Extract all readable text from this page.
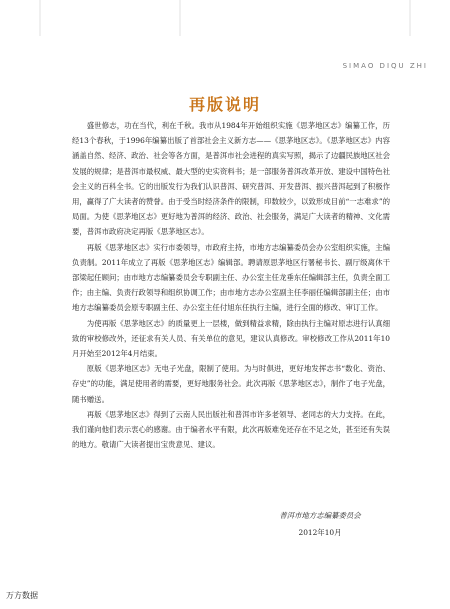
SIMAO DIQU ZHI
再版说明

盛世修志，功在当代，利在千秋。我市从1984年开始组织实施《思茅地区志》编纂工作，历经13个春秋，于1996年编纂出版了首部社会主义新方志——《思茅地区志》。《思茅地区志》内容涵盖自然、经济、政治、社会等各方面，是普洱市社会进程的真实写照，揭示了边疆民族地区社会发展的规律；是普洱市最权威、最大型的史实资料书；是一部服务普洱改革开放、建设中国特色社会主义的百科全书。它的出版发行为我们认识普洱、研究普洱、开发普洱、振兴普洱起到了积极作用，赢得了广大读者的赞誉。由于受当时经济条件的限制，印数较少，以致形成目前“一志难求”的局面。为使《思茅地区志》更好地为普洱的经济、政治、社会服务，满足广大读者的精神、文化需要，普洱市政府决定再版《思茅地区志》。

再版《思茅地区志》实行市委领导，市政府主持，市地方志编纂委员会办公室组织实施，主编负责制。2011年成立了再版《思茅地区志》编辑部。聘请原思茅地区行署秘书长、副厅级离休干部梁起任顾问；由市地方志编纂委员会专职副主任、办公室主任龙垂东任编辑部主任，负责全面工作；由主编、负责行政领导和组织协调工作；由市地方志办公室副主任李丽任编辑部副主任；由市地方志编纂委员会原专职副主任、办公室主任付旭东任执行主编，进行全面的修改、审订工作。

为使再版《思茅地区志》的质量更上一层楼，做到精益求精，除由执行主编对原志进行认真细致的审校修改外，还征求有关人员、有关单位的意见，建议认真修改。审校修改工作从2011年10月开始至2012年4月结束。

原版《思茅地区志》无电子光盘，限制了使用。为与时俱进，更好地发挥志书“数化、资治、存史”的功能，满足使用者的需要，更好地服务社会。此次再版《思茅地区志》，制作了电子光盘，随书赠送。

再版《思茅地区志》得到了云南人民出版社和普洱市许多老领导、老同志的大力支持。在此，我们谨向他们表示衷心的感谢。由于编者水平有限，此次再版难免还存在不足之处，甚至还有失误的地方。敬请广大读者提出宝贵意见、建议。

普洱市地方志编纂委员会
2012年10月
万方数据
